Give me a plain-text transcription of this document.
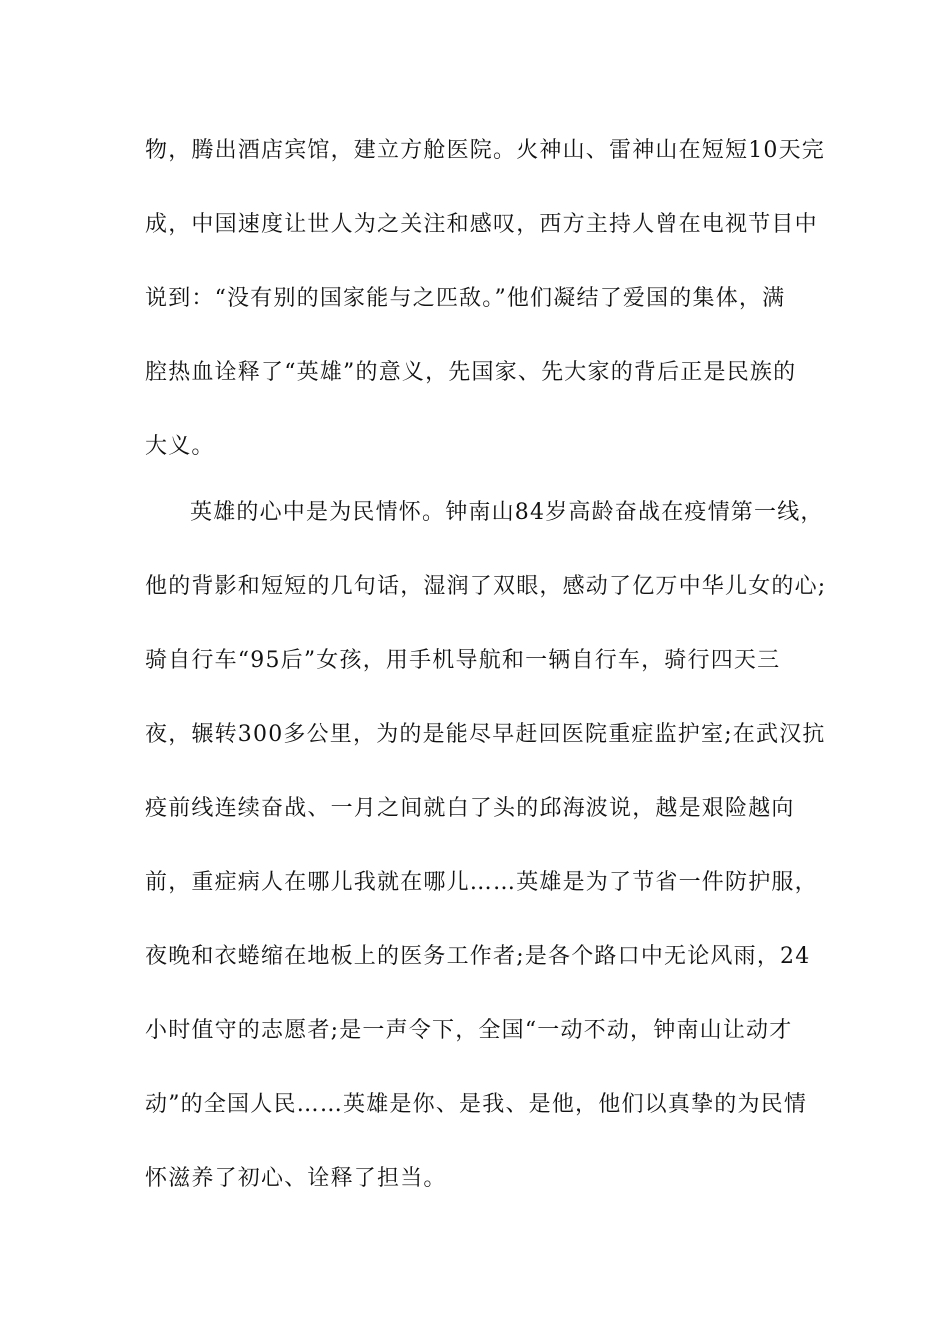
物，腾出酒店宾馆，建立方舱医院。火神山、雷神山在短短10天完
成，中国速度让世人为之关注和感叹，西方主持人曾在电视节目中
说到：“没有别的国家能与之匹敌。”他们凝结了爱国的集体，满
腔热血诠释了“英雄”的意义，先国家、先大家的背后正是民族的
大义。
英雄的心中是为民情怀。钟南山84岁高龄奋战在疫情第一线，
他的背影和短短的几句话，湿润了双眼，感动了亿万中华儿女的心;
骑自行车“95后”女孩，用手机导航和一辆自行车，骑行四天三
夜，辗转300多公里，为的是能尽早赶回医院重症监护室;在武汉抗
疫前线连续奋战、一月之间就白了头的邱海波说，越是艰险越向
前，重症病人在哪儿我就在哪儿……英雄是为了节省一件防护服，
夜晚和衣蜷缩在地板上的医务工作者;是各个路口中无论风雨，24
小时值守的志愿者;是一声令下，全国“一动不动，钟南山让动才
动”的全国人民……英雄是你、是我、是他，他们以真挚的为民情
怀滋养了初心、诠释了担当。
